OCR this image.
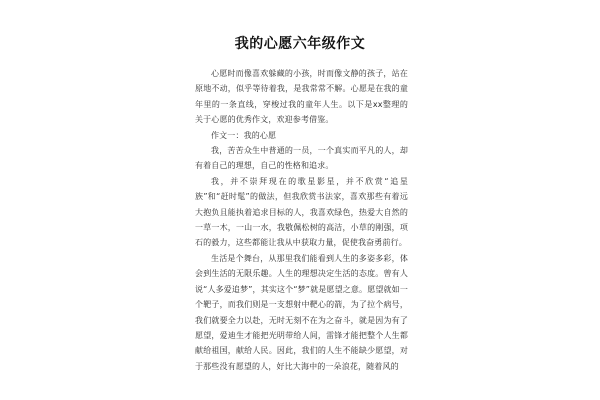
我的心愿六年级作文

心愿时而像喜欢躲藏的小孩，时而像文静的孩子，站在原地不动，似乎等待着我，是我常常不解。心愿是在我的童年里的一条直线，穿梭过我的童年人生。以下是xx整理的关于心愿的优秀作文，欢迎参考借鉴。

作文一：我的心愿

我，苦苦众生中普通的一员，一个真实而平凡的人，却有着自己的理想，自己的性格和追求。

我，并不崇拜现在的歌星影星，并不欣赏“追星族”和“赶时髦”的做法，但我欣赏书法家，喜欢那些有着远大抱负且能执着追求目标的人，我喜欢绿色，热爱大自然的一草一木，一山一水，我敬佩松树的高洁，小草的刚强，项石的毅力，这些都能让我从中获取力量，促使我奋勇前行。

生活是个舞台，从那里我们能看到人生的多姿多彩，体会到生活的无限乐趣。人生的理想决定生活的态度。曾有人说“人多爱追梦”，其实这个“梦”就是愿望之意。愿望就如一个靶子，而我们则是一支想射中靶心的箭，为了拉个病号，我们就要全力以赴，无时无刻不在为之奋斗，就是因为有了愿望，爱迪生才能把光明带给人间，雷锋才能把整个人生都献给祖国，献给人民。因此，我们的人生不能缺少愿望，对于那些没有愿望的人，好比大海中的一朵浪花，随着风的
